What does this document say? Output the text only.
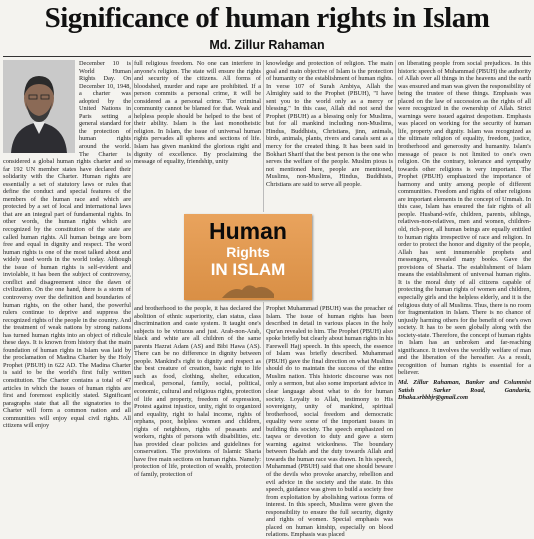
Significance of human rights in Islam
Md. Zillur Rahaman

December 10 is World Human Rights Day. On December 10, 1948, a charter was adopted by the United Nations in Paris setting a general standard for the protection of human rights around the world. The Charter is considered a global human rights charter and so far 192 UN member states have declared their solidarity with the Charter. Human rights are essentially a set of statutory laws or rules that define the conduct and special features of the members of the human race and which are protected by a set of local and international laws that are an integral part of fundamental rights. In other words, the human rights which are recognized by the constitution of the state are called human rights. All human beings are born free and equal in dignity and respect. The word human rights is one of the most talked about and widely used words in the world today. Although the issue of human rights is self-evident and inviolable, it has been the subject of controversy, conflict and disagreement since the dawn of civilization. On the one hand, there is a storm of controversy over the definition and boundaries of human rights, on the other hand, the powerful rulers continue to deprive and suppress the recognized rights of the people in the country. And the treatment of weak nations by strong nations has turned human rights into an object of ridicule these days. It is known from history that the main foundation of human rights in Islam was laid by the proclamation of Madina Charter by the Holy Prophet (PBUH) in 622 AD. The Madina Charter is said to be the world's first fully written constitution. The Charter contains a total of 47 articles in which the issues of human rights are first and foremost explicitly stated. Significant paragraphs state that all the signatories to the Charter will form a common nation and all communities will enjoy equal civil rights. All citizens will enjoy

full religious freedom. No one can interfere in anyone's religion. The state will ensure the rights and security of the citizens. All forms of bloodshed, murder and rape are prohibited. If a person commits a personal crime, it will be considered as a personal crime. The criminal community cannot be blamed for that. Weak and helpless people should be helped to the best of their ability. Islam is the last monotheistic religion. In Islam, the issue of universal human rights pervades all spheres and sections of life. Islam has given mankind the glorious right and dignity of excellence. By proclaiming the message of equality, friendship, unity

knowledge and protection of religion. The main goal and main objective of Islam is the protection of humanity or the establishment of human rights. In verse 107 of Surah Ambiya, Allah the Almighty said to the Prophet (PBUH), "I have sent you to the world only as a mercy or blessing." In this case, Allah did not send the Prophet (PBUH) as a blessing only for Muslims, but for all mankind including non-Muslims, Hindus, Buddhists, Christians, jinn, animals, birds, animals, plants, rivers and canals sent as a mercy for the created thing. It has been said in Bokhari Sharif that the best person is the one who serves the welfare of the people. Muslim pious is not mentioned here, people are mentioned, Muslims, non-Muslims, Hindus, Buddhists, Christians are said to serve all people.

Human
Rights
IN ISLAM

and brotherhood to the people, it has declared the abolition of ethnic superiority, clan status, class discrimination and caste system. It taught one's subjects to be virtuous and just. Arab-non-Arab, black and white are all children of the same parents Hazrat Adam (AS) and Bibi Hawa (AS). There can be no difference in dignity between people. Mankind's right to dignity and respect as the best creature of creation, basic right to life such as food, clothing, shelter, education, medical, personal, family, social, political, economic, cultural and religious rights, protection of life and property, freedom of expression, Protest against injustice, unity, right to organized and equality, right to halal income, rights of orphans, poor, helpless women and children, rights of neighbors, rights of peasants and workers, rights of persons with disabilities, etc. has provided clear policies and guidelines for conservation. The provisions of Islamic Sharia have five main sections on human rights. Namely: protection of life, protection of wealth, protection of family, protection of

Prophet Muhammad (PBUH) was the preacher of Islam. The issue of human rights has been described in detail in various places in the holy Qur'an revealed to him. The Prophet (PBUH) also spoke briefly but clearly about human rights in his Farewell Hajj speech. In this speech, the essence of Islam was briefly described. Muhammad (PBUH) gave the final direction on what Muslims should do to maintain the success of the entire Muslim nation. This historic discourse was not only a sermon, but also some important advice in clear language about what to do for human society. Loyalty to Allah, testimony to His sovereignty, unity of mankind, spiritual brotherhood, social freedom and democratic equality were some of the important issues in building this society. The speech emphasized on taqwa or devotion to duty and gave a stern warning against wickedness. The boundary between Ibadah and the duty towards Allah and towards the human race was drawn. In his speech, Muhammad (PBUH) said that one should beware of the devils who provoke anarchy, rebellion and evil advice in the society and the state. In this speech, guidance was given to build a society free from exploitation by abolishing various forms of interest. In this speech, Muslims were given the responsibility to ensure the full security, dignity and rights of women. Special emphasis was placed on human kinship, especially on blood relations. Emphasis was placed

on liberating people from social prejudices. In this historic speech of Muhammad (PBUH) the authority of Allah over all things in the heavens and the earth was ensured and man was given the responsibility of being the trustee of these things. Emphasis was placed on the law of succession as the rights of all were recognized in the ownership of Allah. Strict warnings were issued against despotism. Emphasis was placed on working for the security of human life, property and dignity. Islam was recognized as the ultimate religion of equality, freedom, justice, brotherhood and generosity and humanity. Islam's message of peace is not limited to one's own religion. On the contrary, tolerance and sympathy towards other religions is very important. The Prophet (PBUH) emphasized the importance of harmony and unity among people of different communities. Freedom and rights of other religions are important elements in the concept of Ummah. In this case, Islam has ensured the fair rights of all people. Husband-wife, children, parents, siblings, relatives-non-relatives, men and women, children-old, rich-poor, all human beings are equally entitled to human rights irrespective of race and religion. In order to protect the honor and dignity of the people, Allah has sent innumerable prophets and messengers, revealed many books. Gave the provisions of Sharia. The establishment of Islam means the establishment of universal human rights. It is the moral duty of all citizens capable of protecting the human rights of women and children, especially girls and the helpless elderly, and it is the religious duty of all Muslims. Thus, there is no room for fragmentation in Islam. There is no chance of unjustly harming others for the benefit of one's own society. It has to be seen globally along with the society-state. Therefore, the concept of human rights in Islam has an unbroken and far-reaching significance. It involves the worldly welfare of man and the liberation of the hereafter. As a result, recognition of human rights is essential for a believer.

Md. Zillur Rahaman, Banker and Columnist Satish Sarker Road, Gandaria, Dhaka.srbbbjr@gmail.com
